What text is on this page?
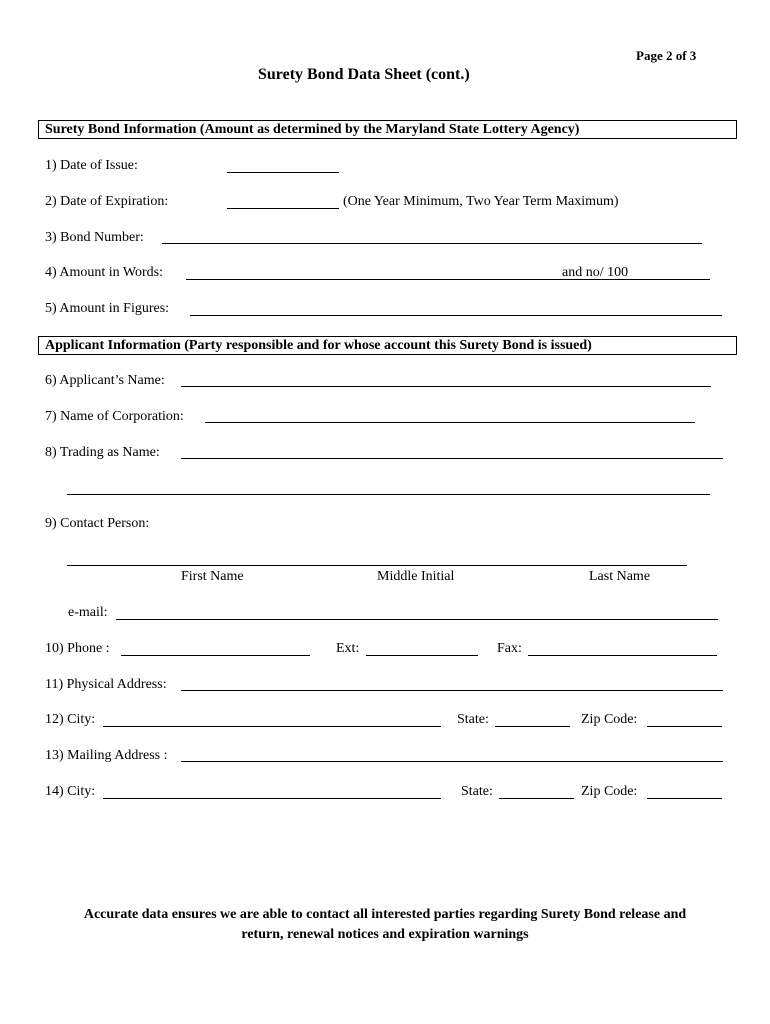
Page 2 of 3
Surety Bond Data Sheet (cont.)
Surety Bond Information (Amount as determined by the Maryland State Lottery Agency)
1) Date of Issue:
2) Date of Expiration:	(One Year Minimum, Two Year Term Maximum)
3) Bond Number:
4) Amount in Words:	and no/ 100
5) Amount in Figures:
Applicant Information (Party responsible and for whose account this Surety Bond is issued)
6) Applicant’s Name:
7) Name of Corporation:
8) Trading as Name:
9) Contact Person:
First Name	Middle Initial	Last Name
e-mail:
10) Phone :	Ext:	Fax:
11) Physical Address:
12) City:	State:	Zip Code:
13) Mailing Address :
14) City:	State:	Zip Code:
Accurate data ensures we are able to contact all interested parties regarding Surety Bond release and
return, renewal notices and expiration warnings
